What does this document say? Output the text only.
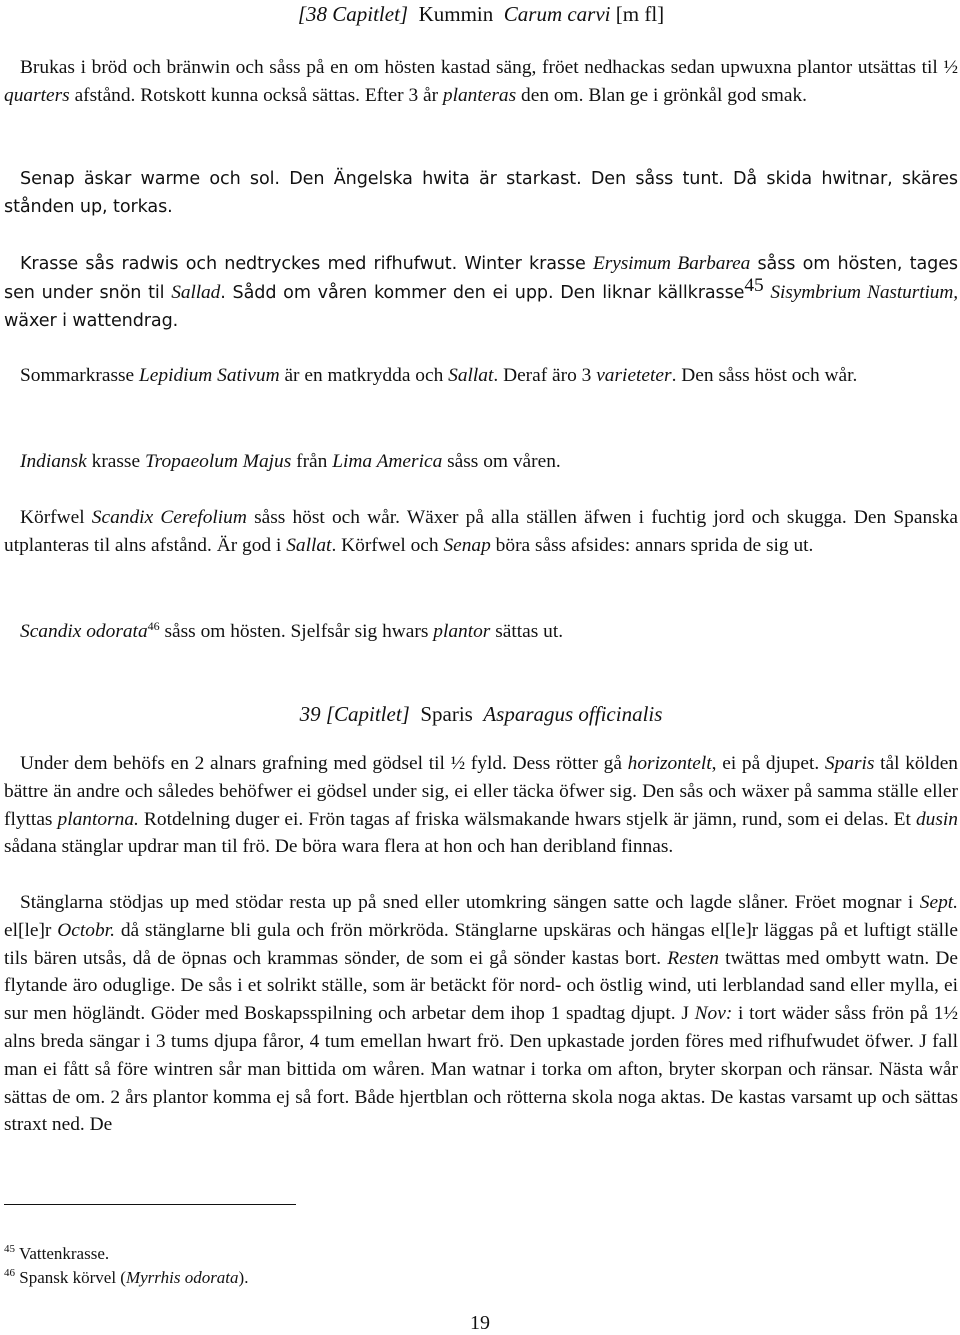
[38 Capitlet] Kummin Carum carvi [m fl]

Brukas i bröd och bränwin och såss på en om hösten kastad säng, fröet nedhackas sedan upwuxna plantor utsättas til ½ quarters afstånd. Rotskott kunna också sättas. Efter 3 år planteras den om. Blan ge i grönkål god smak.

Senap äskar warme och sol. Den Ängelska hwita är starkast. Den såss tunt. Då skida hwitnar, skäres stånden up, torkas.

Krasse sås radwis och nedtryckes med rifhufwut. Winter krasse Erysimum Barbarea såss om hösten, tages sen under snön til Sallad. Sådd om våren kommer den ei upp. Den liknar källkrasse$^{45}$ Sisymbrium Nasturtium, wäxer i wattendrag.

Sommarkrasse Lepidium Sativum är en matkrydda och Sallat. Deraf äro 3 varieteter. Den såss höst och wår.

Indiansk krasse Tropaeolum Majus från Lima America såss om våren.

Körfwel Scandix Cerefolium såss höst och wår. Wäxer på alla ställen äfwen i fuchtig jord och skugga. Den Spanska utplanteras til alns afstånd. Är god i Sallat. Körfwel och Senap böra såss afsides: annars sprida de sig ut.

Scandix odorata$^{46}$ såss om hösten. Sjelfsår sig hwars plantor sättas ut.

39 [Capitlet] Sparis Asparagus officinalis

Under dem behöfs en 2 alnars grafning med gödsel til ½ fyld. Dess rötter gå horizontelt, ei på djupet. Sparis tål kölden bättre än andre och således behöfwer ei gödsel under sig, ei eller täcka öfwer sig. Den sås och wäxer på samma ställe eller flyttas plantorna. Rotdelning duger ei. Frön tagas af friska wälsmakande hwars stjelk är jämn, rund, som ei delas. Et dusin sådana stänglar updrar man til frö. De böra wara flera at hon och han deribland finnas.

Stänglarna stödjas up med stödar resta up på sned eller utomkring sängen satte och lagde slåner. Fröet mognar i Sept. el[le]r Octobr. då stänglarne bli gula och frön mörkröda. Stänglarne upskäras och hängas el[le]r läggas på et luftigt ställe tils bären utsås, då de öpnas och krammas sönder, de som ei gå sönder kastas bort. Resten twättas med ombytt watn. De flytande äro oduglige. De sås i et solrikt ställe, som är betäckt för nord- och östlig wind, uti lerblandad sand eller mylla, ei sur men högländt. Göder med Boskapsspilning och arbetar dem ihop 1 spadtag djupt. J Nov: i tort wäder såss frön på 1½ alns breda sängar i 3 tums djupa fåror, 4 tum emellan hwart frö. Den upkastade jorden föres med rifhufwudet öfwer. J fall man ei fått så före wintren sår man bittida om wåren. Man watnar i torka om afton, bryter skorpan och ränsar. Nästa wår sättas de om. 2 års plantor komma ej så fort. Både hjertblan och rötterna skola noga aktas. De kastas varsamt up och sättas straxt ned. De

$^{45}$ Vattenkrasse.
$^{46}$ Spansk körvel (Myrrhis odorata).
19
